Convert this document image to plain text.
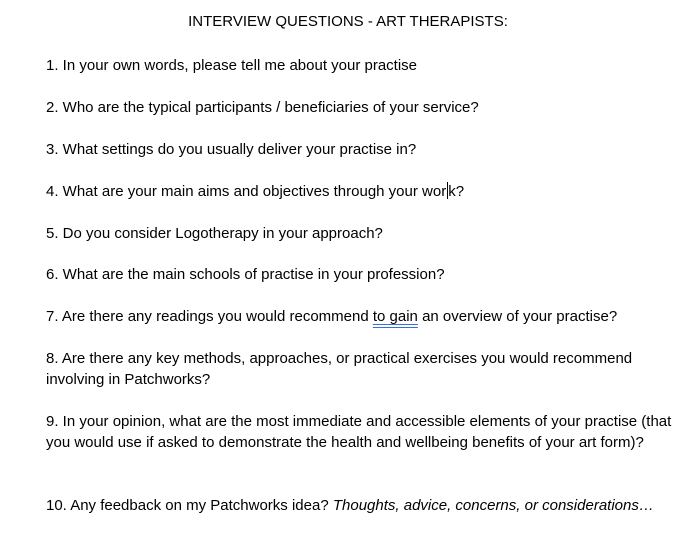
INTERVIEW QUESTIONS - ART THERAPISTS:

1. In your own words, please tell me about your practise

2. Who are the typical participants / beneficiaries of your service?

3. What settings do you usually deliver your practise in?

4. What are your main aims and objectives through your wor k?

5. Do you consider Logotherapy in your approach?

6. What are the main schools of practise in your profession?

7. Are there any readings you would recommend to gain an overview of your practise?

8. Are there any key methods, approaches, or practical exercises you would recommend involving in Patchworks?

9. In your opinion, what are the most immediate and accessible elements of your practise (that you would use if asked to demonstrate the health and wellbeing benefits of your art form)?

10. Any feedback on my Patchworks idea? Thoughts, advice, concerns, or considerations…
